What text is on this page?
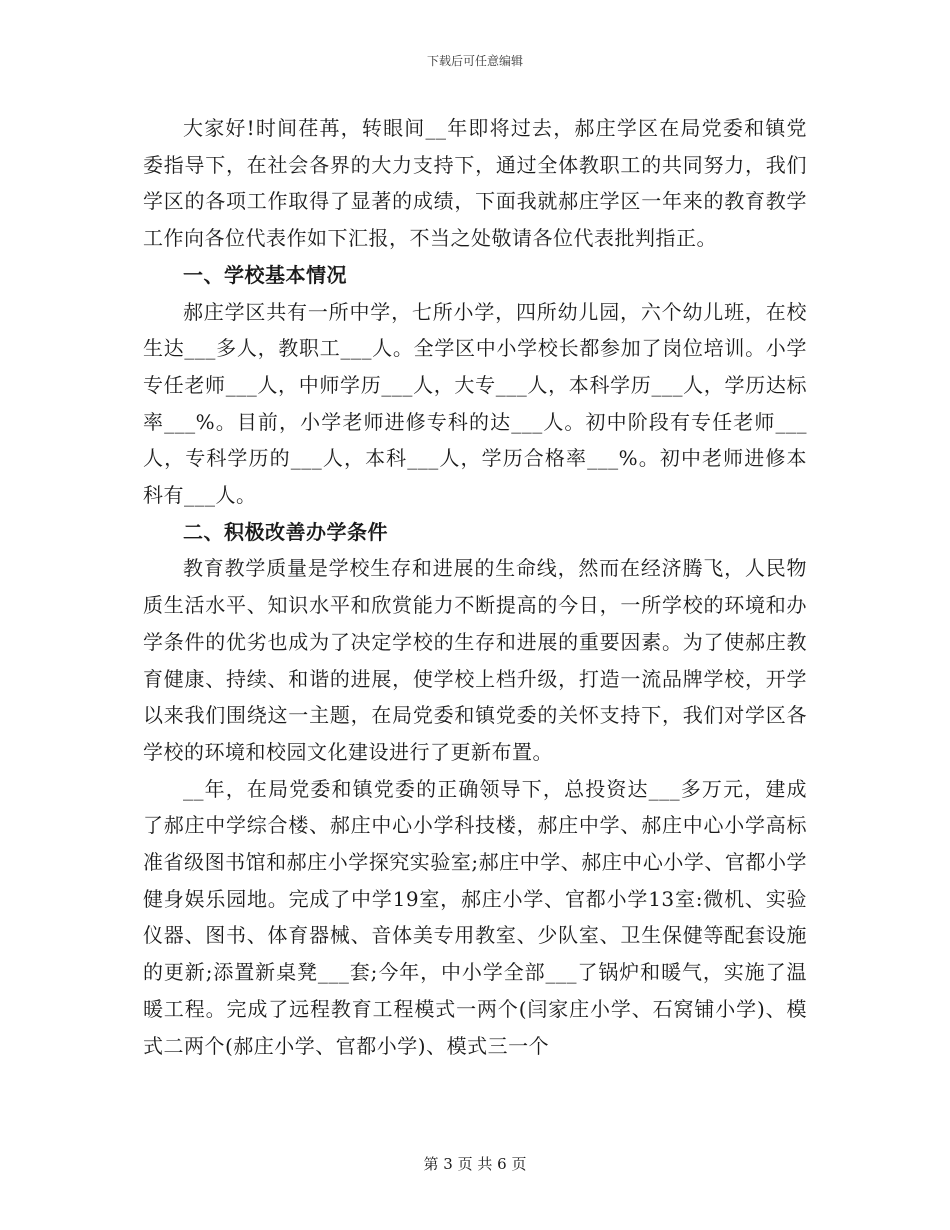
下载后可任意编辑

大家好!时间荏苒，转眼间__年即将过去，郝庄学区在局党委和镇党委指导下，在社会各界的大力支持下，通过全体教职工的共同努力，我们学区的各项工作取得了显著的成绩，下面我就郝庄学区一年来的教育教学工作向各位代表作如下汇报，不当之处敬请各位代表批判指正。

一、学校基本情况

郝庄学区共有一所中学，七所小学，四所幼儿园，六个幼儿班，在校生达___多人，教职工___人。全学区中小学校长都参加了岗位培训。小学专任老师___人，中师学历___人，大专___人，本科学历___人，学历达标率___%。目前，小学老师进修专科的达___人。初中阶段有专任老师___人，专科学历的___人，本科___人，学历合格率___%。初中老师进修本科有___人。

二、积极改善办学条件

教育教学质量是学校生存和进展的生命线，然而在经济腾飞，人民物质生活水平、知识水平和欣赏能力不断提高的今日，一所学校的环境和办学条件的优劣也成为了决定学校的生存和进展的重要因素。为了使郝庄教育健康、持续、和谐的进展，使学校上档升级，打造一流品牌学校，开学以来我们围绕这一主题，在局党委和镇党委的关怀支持下，我们对学区各学校的环境和校园文化建设进行了更新布置。

__年，在局党委和镇党委的正确领导下，总投资达___多万元，建成了郝庄中学综合楼、郝庄中心小学科技楼，郝庄中学、郝庄中心小学高标准省级图书馆和郝庄小学探究实验室;郝庄中学、郝庄中心小学、官都小学健身娱乐园地。完成了中学19室，郝庄小学、官都小学13室:微机、实验仪器、图书、体育器械、音体美专用教室、少队室、卫生保健等配套设施的更新;添置新桌凳___套;今年，中小学全部___了锅炉和暖气，实施了温暖工程。完成了远程教育工程模式一两个(闫家庄小学、石窝铺小学)、模式二两个(郝庄小学、官都小学)、模式三一个

第 3 页 共 6 页
